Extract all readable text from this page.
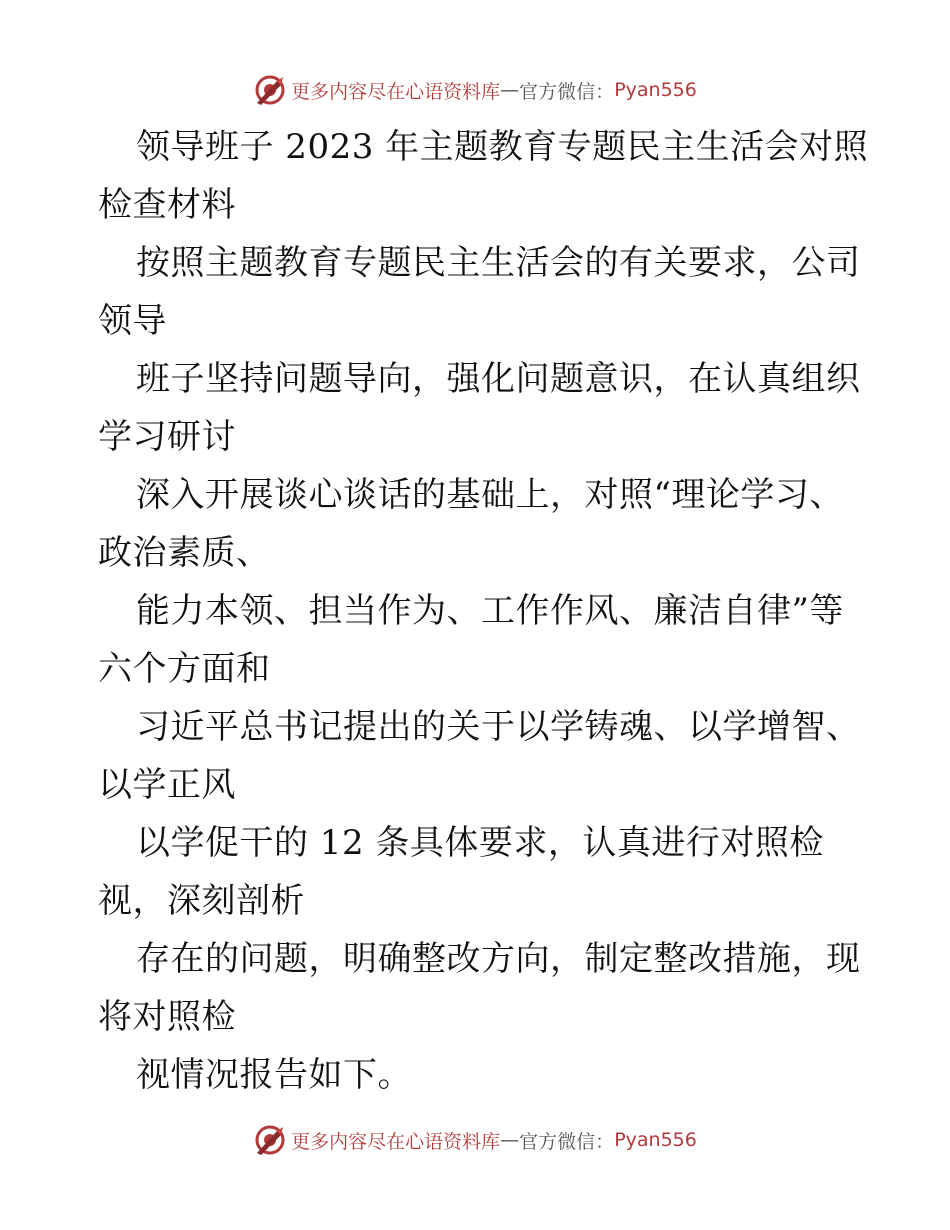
更多内容尽在心语资料库 — 官方微信： Pyan556
领导班子 2023 年主题教育专题民主生活会对照
检查材料
按照主题教育专题民主生活会的有关要求，公司
领导
班子坚持问题导向，强化问题意识，在认真组织
学习研讨
深入开展谈心谈话的基础上，对照“理论学习、
政治素质、
能力本领、担当作为、工作作风、廉洁自律”等
六个方面和
习近平总书记提出的关于以学铸魂、以学增智、
以学正风
以学促干的 12 条具体要求，认真进行对照检
视，深刻剖析
存在的问题，明确整改方向，制定整改措施，现
将对照检
视情况报告如下。
更多内容尽在心语资料库 — 官方微信： Pyan556
